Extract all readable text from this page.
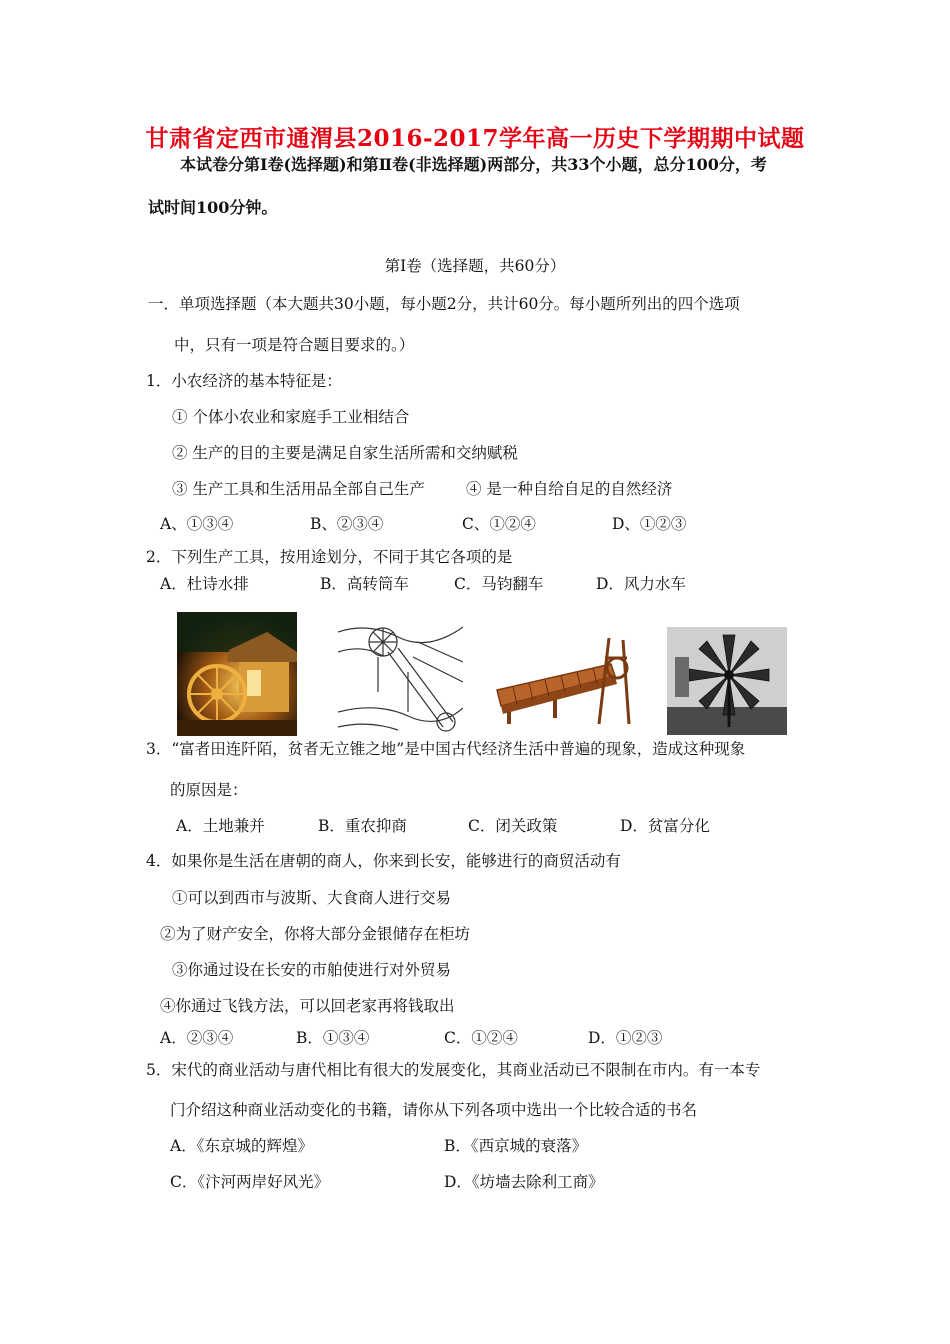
甘肃省定西市通渭县2016-2017学年高一历史下学期期中试题
本试卷分第Ⅰ卷(选择题)和第Ⅱ卷(非选择题)两部分，共33个小题，总分100分，考
试时间100分钟。
第Ⅰ卷（选择题，共60分）
一．单项选择题（本大题共30小题，每小题2分，共计60分。每小题所列出的四个选项
中，只有一项是符合题目要求的。）
1．小农经济的基本特征是：
① 个体小农业和家庭手工业相结合
② 生产的目的主要是满足自家生活所需和交纳赋税
③ 生产工具和生活用品全部自己生产	④ 是一种自给自足的自然经济
A、①③④	B、②③④	C、①②④	D、①②③
2．下列生产工具，按用途划分，不同于其它各项的是
A．杜诗水排	B．高转筒车	C．马钧翻车	D．风力水车
3．“富者田连阡陌，贫者无立锥之地”是中国古代经济生活中普遍的现象，造成这种现象
的原因是：
A．土地兼并	B．重农抑商	C．闭关政策	D．贫富分化
4．如果你是生活在唐朝的商人，你来到长安，能够进行的商贸活动有
①可以到西市与波斯、大食商人进行交易
②为了财产安全，你将大部分金银储存在柜坊
③你通过设在长安的市舶使进行对外贸易
④你通过飞钱方法，可以回老家再将钱取出
A．②③④	B．①③④	C．①②④	D．①②③
5．宋代的商业活动与唐代相比有很大的发展变化，其商业活动已不限制在市内。有一本专
门介绍这种商业活动变化的书籍，请你从下列各项中选出一个比较合适的书名
A．《东京城的辉煌》	B．《西京城的衰落》
C．《汴河两岸好风光》	D．《坊墙去除利工商》
